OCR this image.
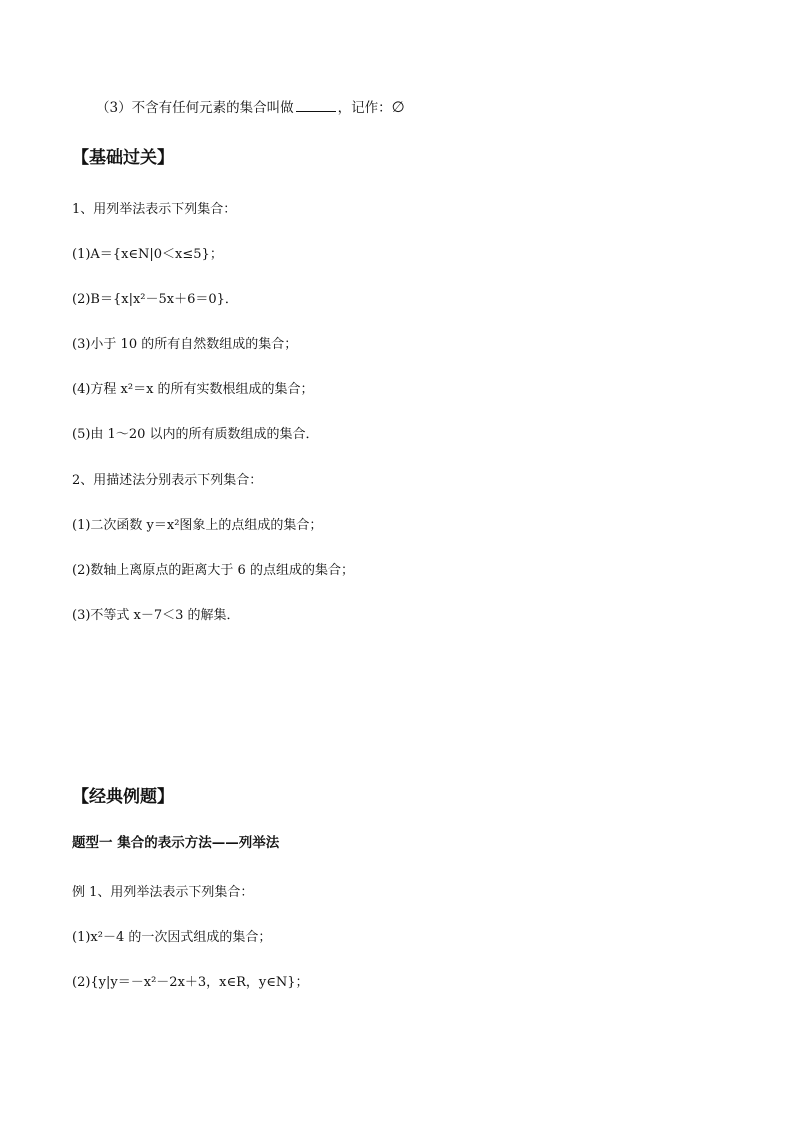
（3）不含有任何元素的集合叫做	，记作：∅
【基础过关】
1、用列举法表示下列集合：
(1)A＝{x∈N|0＜x≤5}；
(2)B＝{x|x²－5x＋6＝0}．
(3)小于 10 的所有自然数组成的集合；
(4)方程 x²＝x 的所有实数根组成的集合；
(5)由 1～20 以内的所有质数组成的集合．
2、用描述法分别表示下列集合：
(1)二次函数 y＝x²图象上的点组成的集合；
(2)数轴上离原点的距离大于 6 的点组成的集合；
(3)不等式 x－7＜3 的解集．
【经典例题】
题型一 集合的表示方法——列举法
例 1、用列举法表示下列集合：
(1)x²－4 的一次因式组成的集合；
(2){y|y＝－x²－2x＋3，x∈R，y∈N}；
